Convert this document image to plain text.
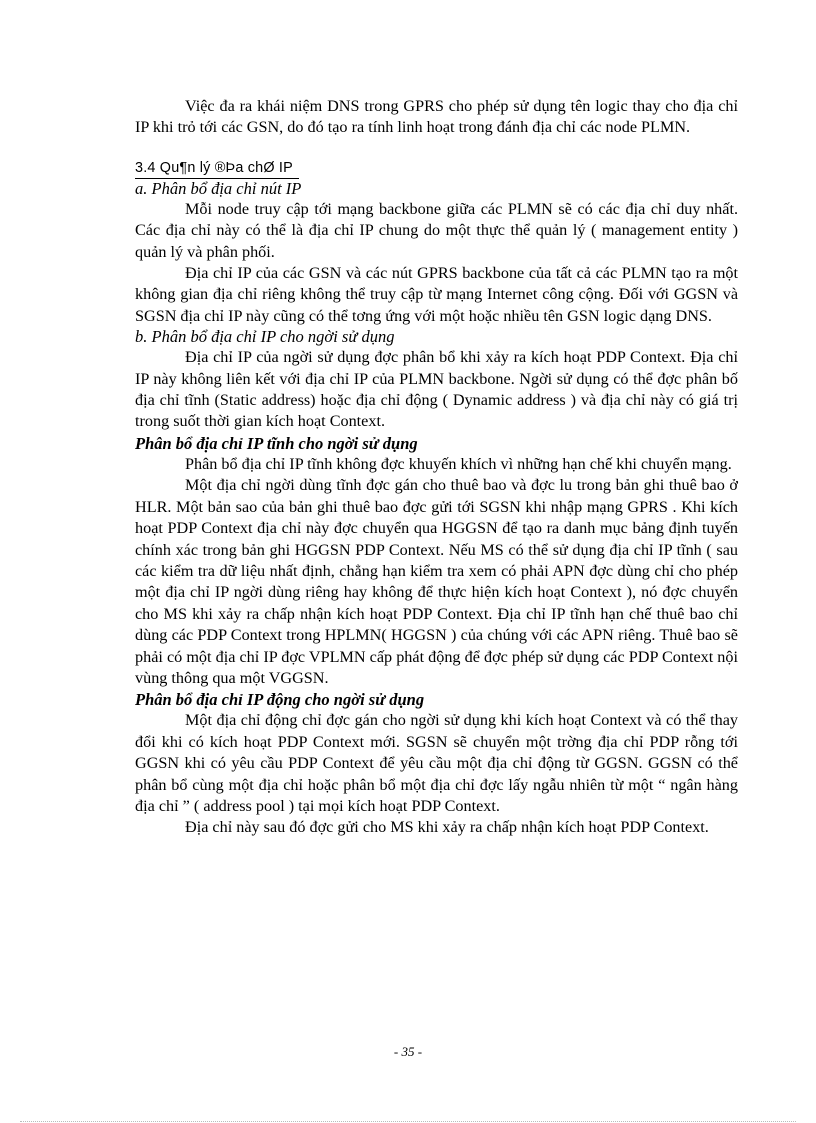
Việc đa ra khái niệm DNS trong GPRS cho phép sử dụng tên logic thay cho địa chỉ IP khi trỏ tới các GSN, do đó tạo ra tính linh hoạt trong đánh địa chỉ các node PLMN.

3.4 Qu¶n lý ®Þa chØ IP

a. Phân bổ địa chỉ nút IP

Mỗi node truy cập tới mạng backbone giữa các PLMN sẽ có các địa chỉ duy nhất. Các địa chỉ này có thể là địa chỉ IP chung do một thực thể quản lý ( management entity ) quản lý và phân phối.

Địa chỉ IP của các GSN và các nút GPRS backbone của tất cả các PLMN tạo ra một không gian địa chỉ riêng không thể truy cập từ mạng Internet công cộng. Đối với GGSN và SGSN địa chỉ IP này cũng có thể tơng ứng với một hoặc nhiều tên GSN logic dạng DNS.

b. Phân bổ địa chỉ IP cho ngời sử dụng

Địa chỉ IP của ngời sử dụng đợc phân bổ khi xảy ra kích hoạt PDP Context. Địa chỉ IP này không liên kết với địa chỉ IP của PLMN backbone. Ngời sử dụng có thể đợc phân bố địa chỉ tĩnh (Static address) hoặc địa chỉ động ( Dynamic address ) và địa chỉ này có giá trị trong suốt thời gian kích hoạt Context.

Phân bổ địa chỉ IP tĩnh cho ngời sử dụng

Phân bổ địa chỉ IP tĩnh không đợc khuyến khích vì những hạn chế khi chuyển mạng.

Một địa chỉ ngời dùng tĩnh đợc gán cho thuê bao và đợc lu trong bản ghi thuê bao ở HLR. Một bản sao của bản ghi thuê bao đợc gửi tới SGSN khi nhập mạng GPRS . Khi kích hoạt PDP Context địa chỉ này đợc chuyển qua HGGSN để tạo ra danh mục bảng định tuyến chính xác trong bản ghi HGGSN PDP Context. Nếu MS có thể sử dụng địa chỉ IP tĩnh ( sau các kiểm tra dữ liệu nhất định, chẳng hạn kiểm tra xem có phải APN đợc dùng chỉ cho phép một địa chỉ IP ngời dùng riêng hay không để thực hiện kích hoạt Context ), nó đợc chuyển cho MS khi xảy ra chấp nhận kích hoạt PDP Context. Địa chỉ IP tĩnh hạn chế thuê bao chỉ dùng các PDP Context trong HPLMN( HGGSN ) của chúng với các APN riêng. Thuê bao sẽ phải có một địa chỉ IP đợc VPLMN cấp phát động để đợc phép sử dụng các PDP Context nội vùng thông qua một VGGSN.

Phân bổ địa chỉ IP động cho ngời sử dụng

Một địa chỉ động chỉ đợc gán cho ngời sử dụng khi kích hoạt Context và có thể thay đổi khi có kích hoạt PDP Context mới. SGSN sẽ chuyển một trờng địa chỉ PDP rỗng tới GGSN khi có yêu cầu PDP Context để yêu cầu một địa chỉ động từ GGSN. GGSN có thể phân bổ cùng một địa chỉ hoặc phân bổ một địa chỉ đợc lấy ngẫu nhiên từ một “ ngân hàng địa chỉ ” ( address pool ) tại mọi kích hoạt PDP Context.

Địa chỉ này sau đó đợc gửi cho MS khi xảy ra chấp nhận kích hoạt PDP Context.

- 35 -
